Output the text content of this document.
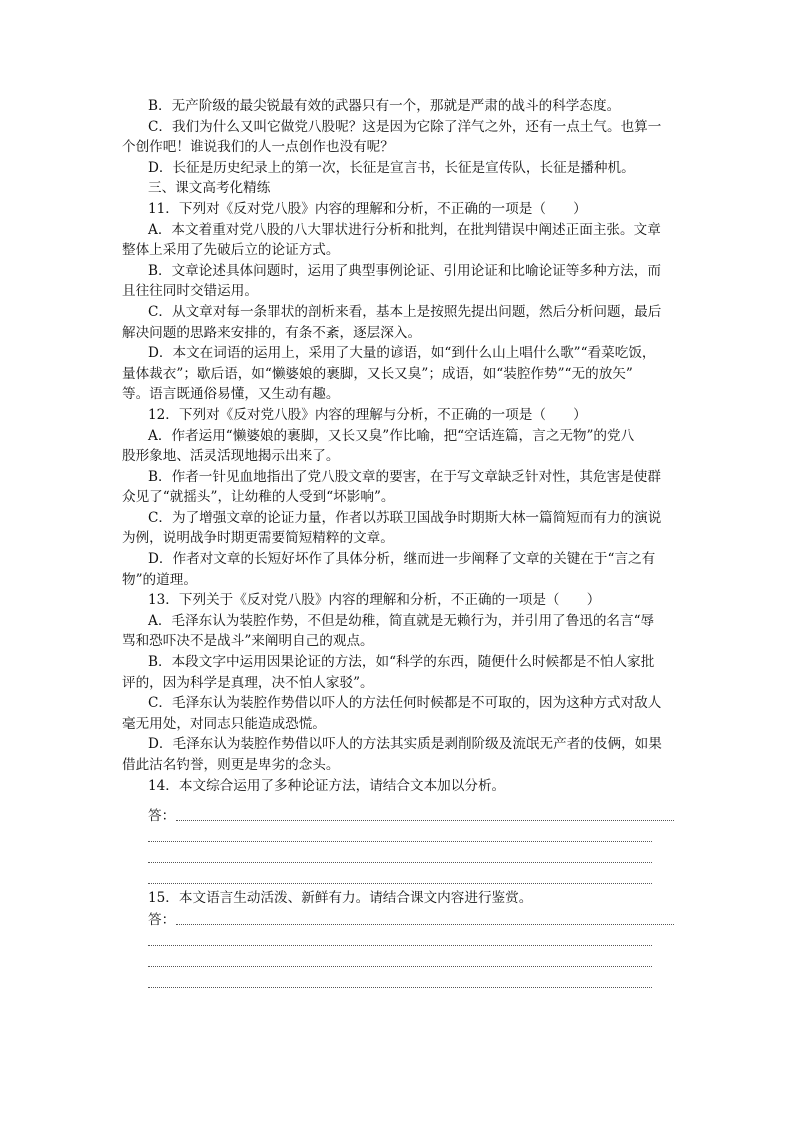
B．无产阶级的最尖锐最有效的武器只有一个，那就是严肃的战斗的科学态度。
C．我们为什么又叫它做党八股呢？这是因为它除了洋气之外，还有一点土气。也算一
个创作吧！谁说我们的人一点创作也没有呢？
D．长征是历史纪录上的第一次，长征是宣言书，长征是宣传队，长征是播种机。
三、课文高考化精练
11．下列对《反对党八股》内容的理解和分析，不正确的一项是（　　）
A．本文着重对党八股的八大罪状进行分析和批判，在批判错误中阐述正面主张。文章
整体上采用了先破后立的论证方式。
B．文章论述具体问题时，运用了典型事例论证、引用论证和比喻论证等多种方法，而
且往往同时交错运用。
C．从文章对每一条罪状的剖析来看，基本上是按照先提出问题，然后分析问题，最后
解决问题的思路来安排的，有条不紊，逐层深入。
D．本文在词语的运用上，采用了大量的谚语，如“到什么山上唱什么歌”“看菜吃饭，
量体裁衣”；歇后语，如“懒婆娘的裹脚，又长又臭”；成语，如“装腔作势”“无的放矢”
等。语言既通俗易懂，又生动有趣。
12．下列对《反对党八股》内容的理解与分析，不正确的一项是（　　）
A．作者运用“懒婆娘的裹脚，又长又臭”作比喻，把“空话连篇，言之无物”的党八
股形象地、活灵活现地揭示出来了。
B．作者一针见血地指出了党八股文章的要害，在于写文章缺乏针对性，其危害是使群
众见了“就摇头”，让幼稚的人受到“坏影响”。
C．为了增强文章的论证力量，作者以苏联卫国战争时期斯大林一篇简短而有力的演说
为例，说明战争时期更需要简短精粹的文章。
D．作者对文章的长短好坏作了具体分析，继而进一步阐释了文章的关键在于“言之有
物”的道理。
13．下列关于《反对党八股》内容的理解和分析，不正确的一项是（　　）
A．毛泽东认为装腔作势，不但是幼稚，简直就是无赖行为，并引用了鲁迅的名言“辱
骂和恐吓决不是战斗”来阐明自己的观点。
B．本段文字中运用因果论证的方法，如“科学的东西，随便什么时候都是不怕人家批
评的，因为科学是真理，决不怕人家驳”。
C．毛泽东认为装腔作势借以吓人的方法任何时候都是不可取的，因为这种方式对敌人
毫无用处，对同志只能造成恐慌。
D．毛泽东认为装腔作势借以吓人的方法其实质是剥削阶级及流氓无产者的伎俩，如果
借此沽名钓誉，则更是卑劣的念头。
14．本文综合运用了多种论证方法，请结合文本加以分析。
答：
15．本文语言生动活泼、新鲜有力。请结合课文内容进行鉴赏。
答：
